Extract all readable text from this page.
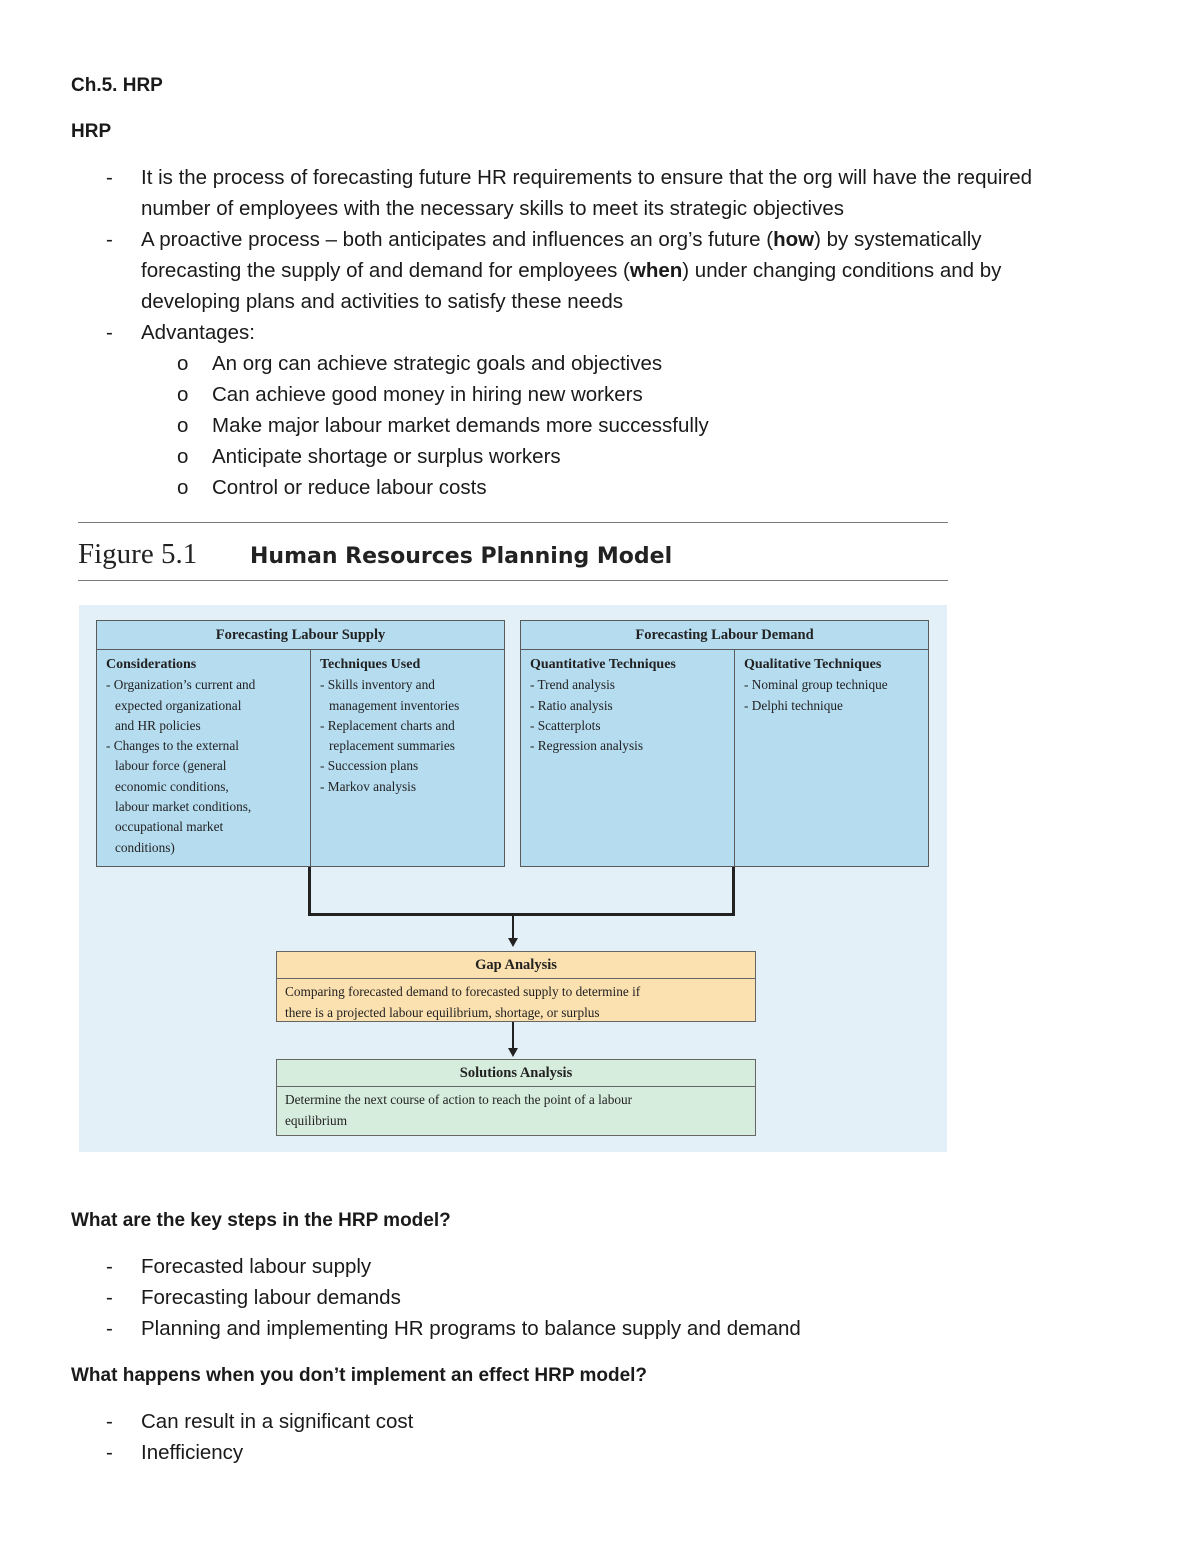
Ch.5. HRP
HRP
-	It is the process of forecasting future HR requirements to ensure that the org will have the required
number of employees with the necessary skills to meet its strategic objectives
-	A proactive process – both anticipates and influences an org’s future (how) by systematically
forecasting the supply of and demand for employees (when) under changing conditions and by
developing plans and activities to satisfy these needs
-	Advantages:
o	An org can achieve strategic goals and objectives
o	Can achieve good money in hiring new workers
o	Make major labour market demands more successfully
o	Anticipate shortage or surplus workers
o	Control or reduce labour costs
Figure 5.1 Human Resources Planning Model
Forecasting Labour Supply
Considerations
- Organization’s current and
expected organizational
and HR policies
- Changes to the external
labour force (general
economic conditions,
labour market conditions,
occupational market
conditions)
Techniques Used
- Skills inventory and
management inventories
- Replacement charts and
replacement summaries
- Succession plans
- Markov analysis
Forecasting Labour Demand
Quantitative Techniques
- Trend analysis
- Ratio analysis
- Scatterplots
- Regression analysis
Qualitative Techniques
- Nominal group technique
- Delphi technique
Gap Analysis
Comparing forecasted demand to forecasted supply to determine if
there is a projected labour equilibrium, shortage, or surplus
Solutions Analysis
Determine the next course of action to reach the point of a labour
equilibrium
What are the key steps in the HRP model?
-	Forecasted labour supply
-	Forecasting labour demands
-	Planning and implementing HR programs to balance supply and demand
What happens when you don’t implement an effect HRP model?
-	Can result in a significant cost
-	Inefficiency
